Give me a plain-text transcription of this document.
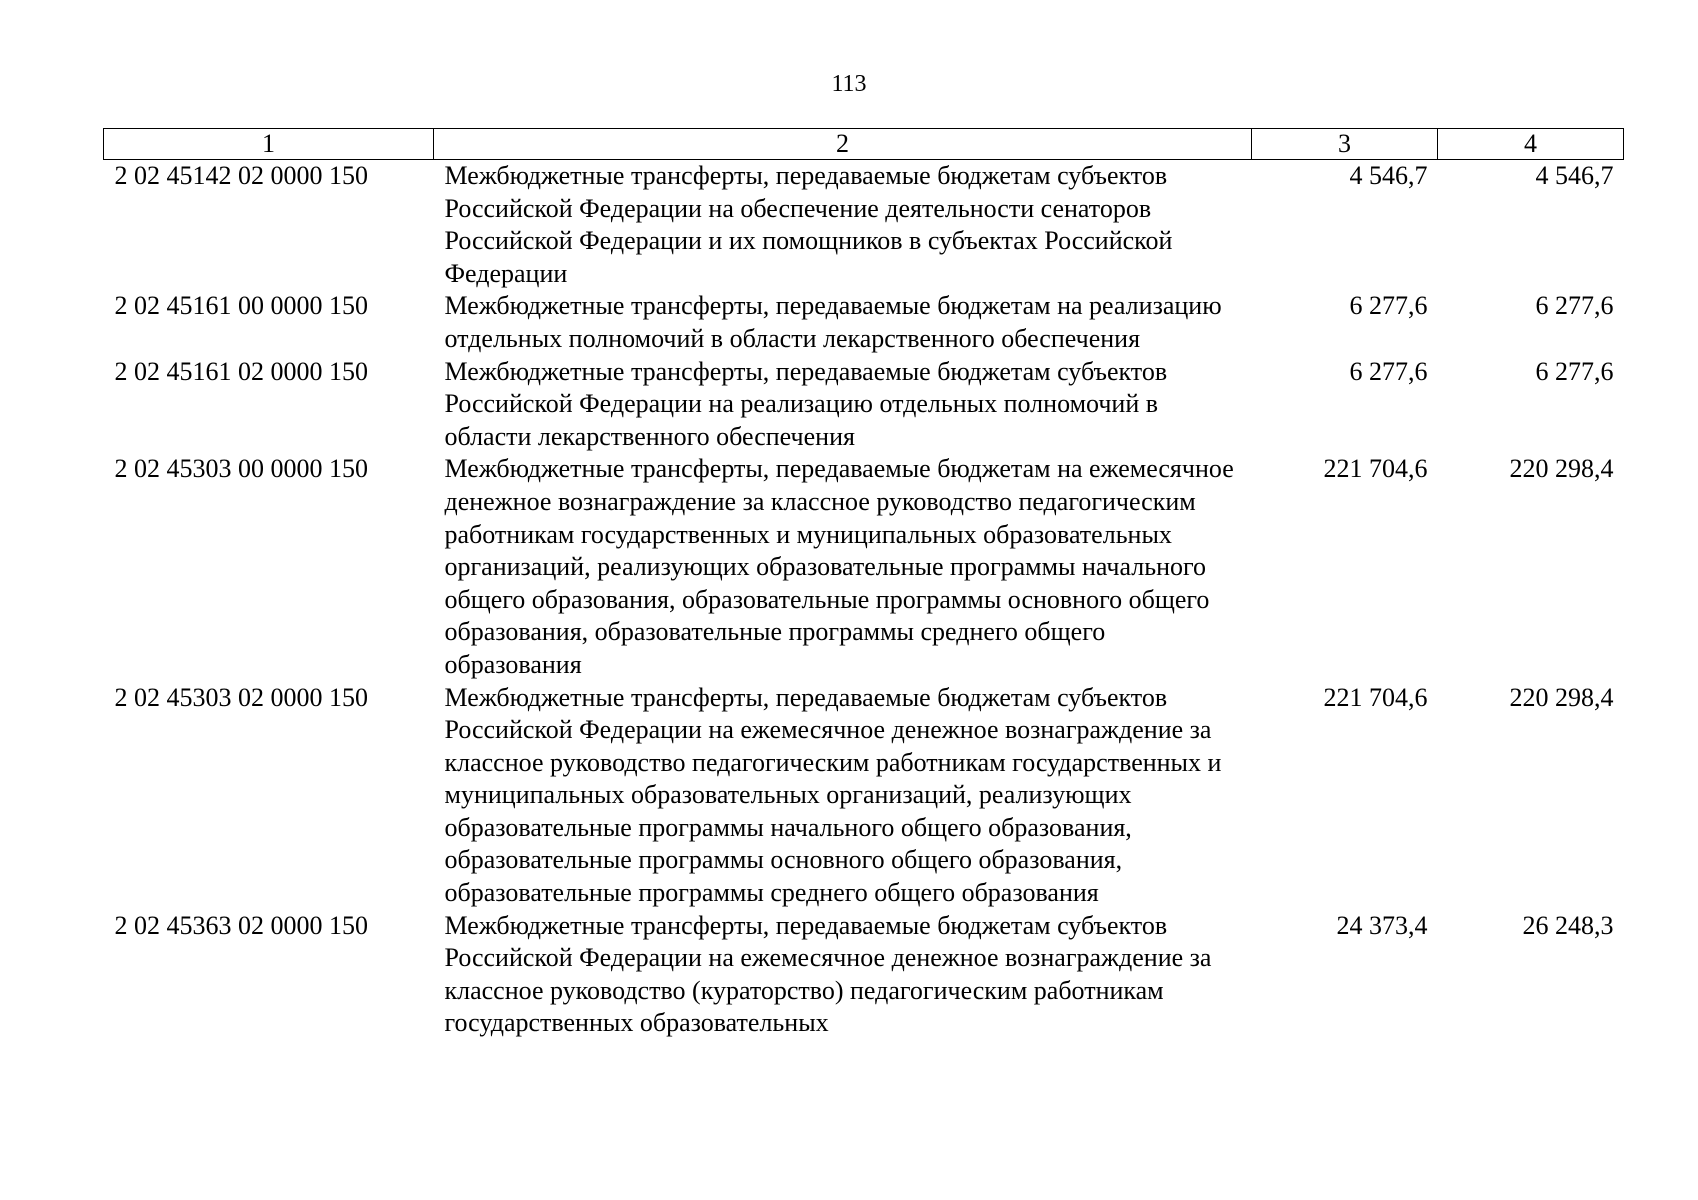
113
1	2	3	4
2 02 45142 02 0000 150	Межбюджетные трансферты, передаваемые бюджетам субъектов Российской Федерации на обеспечение деятельности сенаторов Российской Федерации и их помощников в субъектах Российской Федерации	4 546,7	4 546,7
2 02 45161 00 0000 150	Межбюджетные трансферты, передаваемые бюджетам на реализацию отдельных полномочий в области лекарственного обеспечения	6 277,6	6 277,6
2 02 45161 02 0000 150	Межбюджетные трансферты, передаваемые бюджетам субъектов Российской Федерации на реализацию отдельных полномочий в области лекарственного обеспечения	6 277,6	6 277,6
2 02 45303 00 0000 150	Межбюджетные трансферты, передаваемые бюджетам на ежемесячное денежное вознаграждение за классное руководство педагогическим работникам государственных и муниципальных образовательных организаций, реализующих образовательные программы начального общего образования, образовательные программы основного общего образования, образовательные программы среднего общего образования	221 704,6	220 298,4
2 02 45303 02 0000 150	Межбюджетные трансферты, передаваемые бюджетам субъектов Российской Федерации на ежемесячное денежное вознаграждение за классное руководство педагогическим работникам государственных и муниципальных образовательных организаций, реализующих образовательные программы начального общего образования, образовательные программы основного общего образования, образовательные программы среднего общего образования	221 704,6	220 298,4
2 02 45363 02 0000 150	Межбюджетные трансферты, передаваемые бюджетам субъектов Российской Федерации на ежемесячное денежное вознаграждение за классное руководство (кураторство) педагогическим работникам государственных образовательных	24 373,4	26 248,3
